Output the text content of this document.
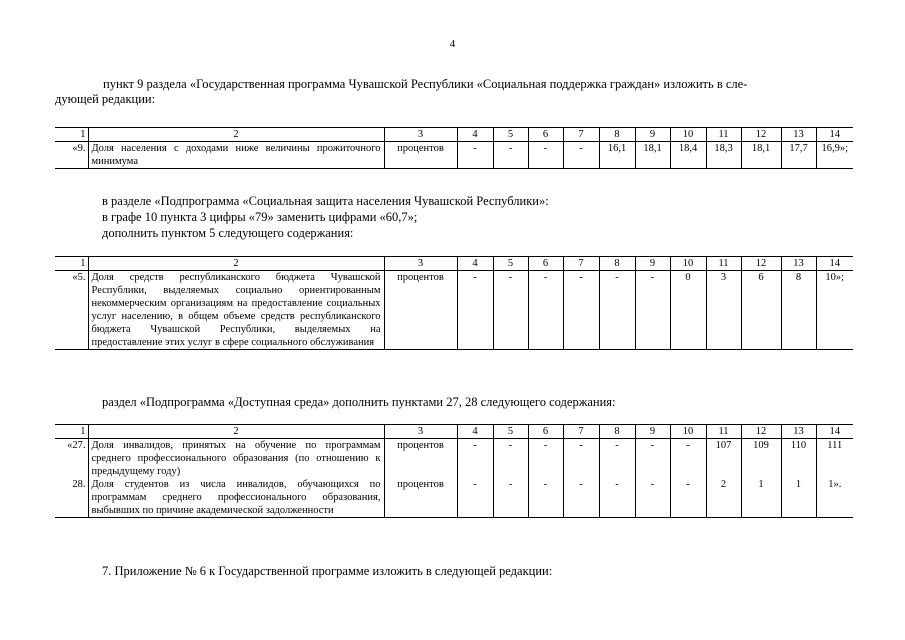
4
пункт 9 раздела «Государственная программа Чувашской Республики «Социальная поддержка граждан» изложить в сле-
дующей редакции:
1	2	3	4	5	6	7	8	9	10	11	12	13	14
«9.	Доля населения с доходами ниже величины прожиточного минимума	процентов	-	-	-	-	16,1	18,1	18,4	18,3	18,1	17,7	16,9»;
в разделе «Подпрограмма «Социальная защита населения Чувашской Республики»:
в графе 10 пункта 3 цифры «79» заменить цифрами «60,7»;
дополнить пунктом 5 следующего содержания:
1	2	3	4	5	6	7	8	9	10	11	12	13	14
«5.	Доля средств республиканского бюджета Чувашской Республики, выделяемых социально ориентированным некоммерческим организациям на предоставление социальных услуг населению, в общем объеме средств республиканского бюджета Чувашской Республики, выделяемых на предоставление этих услуг в сфере социального обслуживания	процентов	-	-	-	-	-	-	0	3	6	8	10»;
раздел «Подпрограмма «Доступная среда» дополнить пунктами 27, 28 следующего содержания:
1	2	3	4	5	6	7	8	9	10	11	12	13	14
«27.	Доля инвалидов, принятых на обучение по программам среднего профессионального образования (по отношению к предыдущему году)	процентов	-	-	-	-	-	-	-	107	109	110	111
28.	Доля студентов из числа инвалидов, обучающихся по программам среднего профессионального образования, выбывших по причине академической задолженности	процентов	-	-	-	-	-	-	-	2	1	1	1».
7. Приложение № 6 к Государственной программе изложить в следующей редакции:
